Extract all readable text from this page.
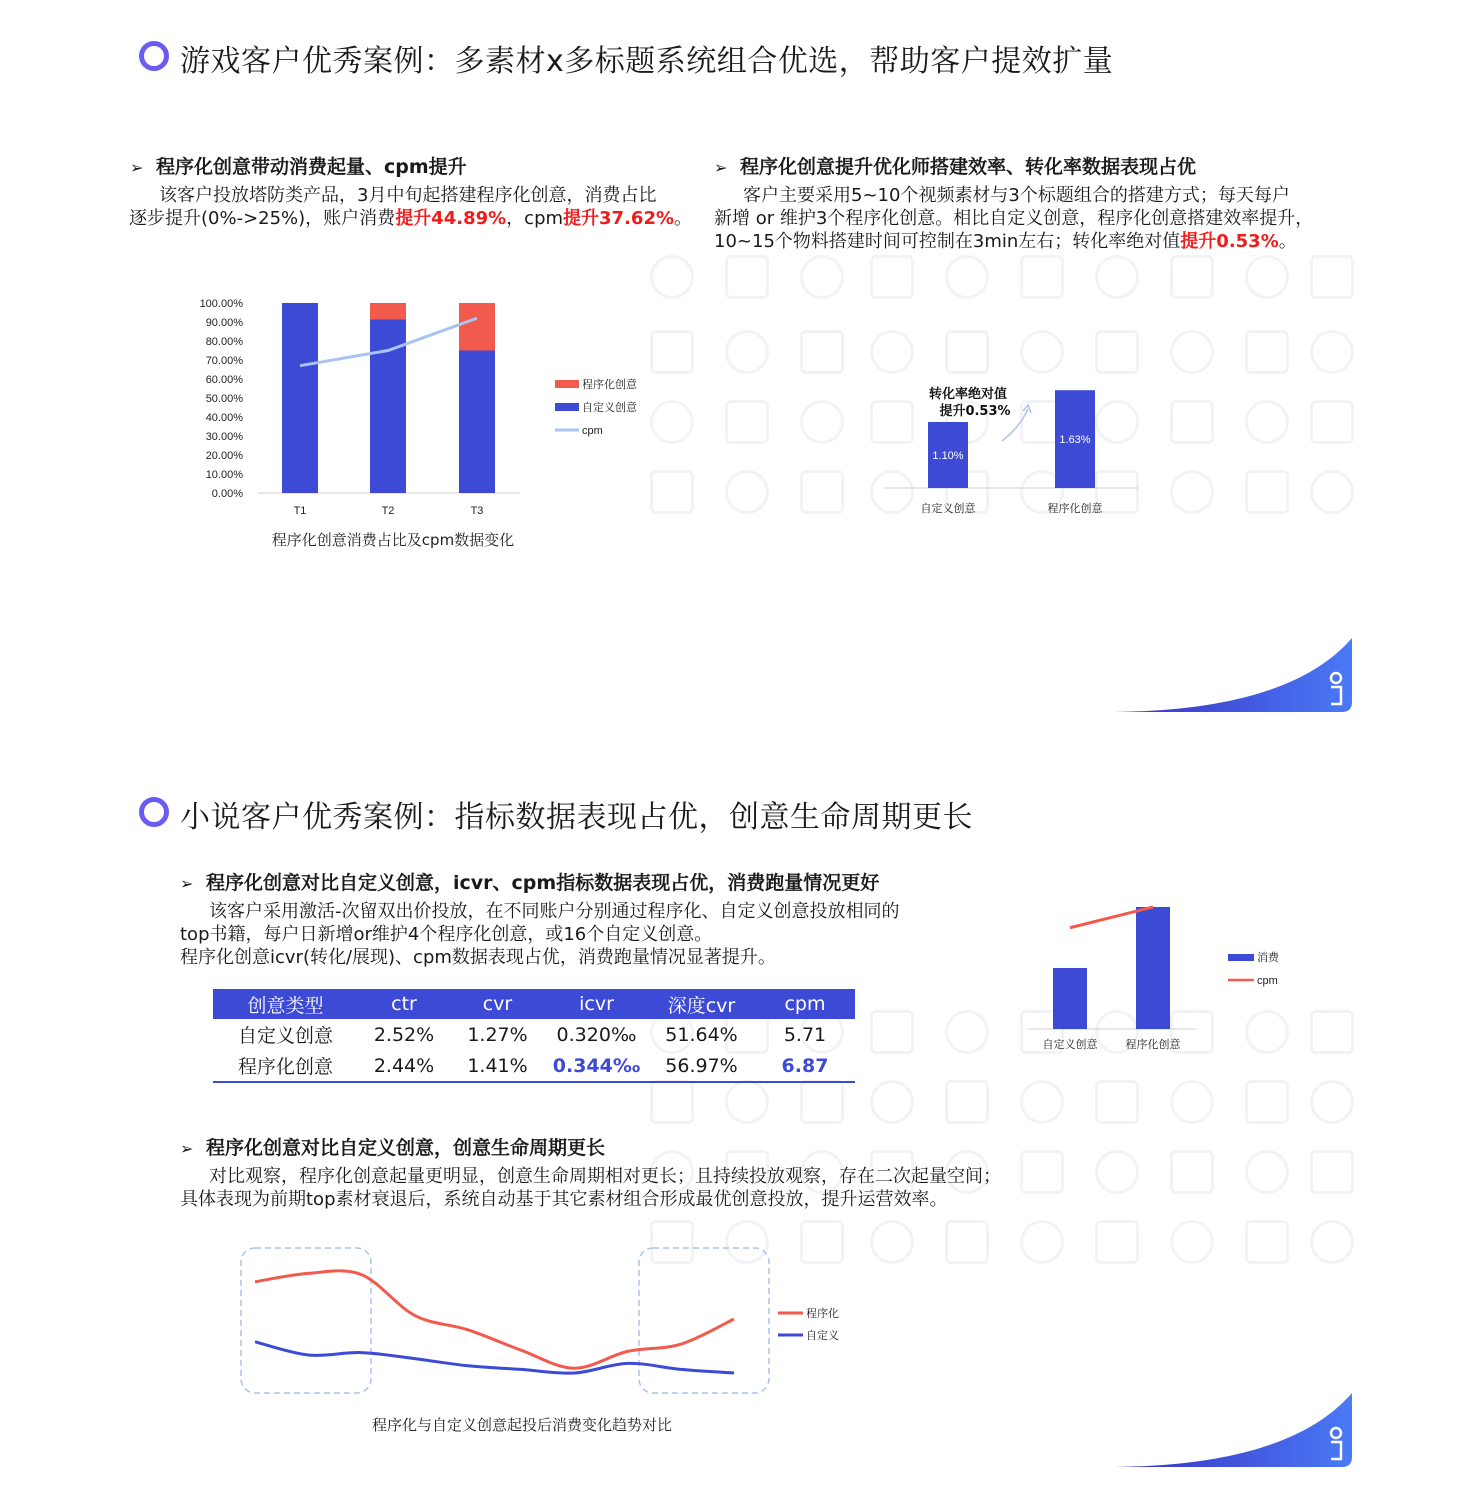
游戏客户优秀案例：多素材x多标题系统组合优选，帮助客户提效扩量
➢ 程序化创意带动消费起量、cpm提升
该客户投放塔防类产品，3月中旬起搭建程序化创意，消费占比
逐步提升(0%->25%)，账户消费提升44.89%，cpm提升37.62%。
➢ 程序化创意提升优化师搭建效率、转化率数据表现占优
客户主要采用5~10个视频素材与3个标题组合的搭建方式；每天每户
新增 or 维护3个程序化创意。相比自定义创意，程序化创意搭建效率提升，
10~15个物料搭建时间可控制在3min左右；转化率绝对值提升0.53%。
100.00%
90.00%
80.00%
70.00%
60.00%
50.00%
40.00%
30.00%
20.00%
10.00%
0.00%
T1	T2	T3
程序化创意
自定义创意
cpm
程序化创意消费占比及cpm数据变化
1.10%
自定义创意
1.63%
程序化创意
转化率绝对值
提升0.53%
小说客户优秀案例：指标数据表现占优，创意生命周期更长
➢ 程序化创意对比自定义创意，icvr、cpm指标数据表现占优，消费跑量情况更好
该客户采用激活-次留双出价投放，在不同账户分别通过程序化、自定义创意投放相同的
top书籍，每户日新增or维护4个程序化创意，或16个自定义创意。
程序化创意icvr(转化/展现)、cpm数据表现占优，消费跑量情况显著提升。
创意类型	ctr	cvr	icvr	深度cvr	cpm
自定义创意	2.52%	1.27%	0.320‰	51.64%	5.71
程序化创意	2.44%	1.41%	0.344‰	56.97%	6.87
自定义创意	程序化创意
消费
cpm
➢ 程序化创意对比自定义创意，创意生命周期更长
对比观察，程序化创意起量更明显，创意生命周期相对更长；且持续投放观察，存在二次起量空间；
具体表现为前期top素材衰退后，系统自动基于其它素材组合形成最优创意投放，提升运营效率。
程序化
自定义
程序化与自定义创意起投后消费变化趋势对比
